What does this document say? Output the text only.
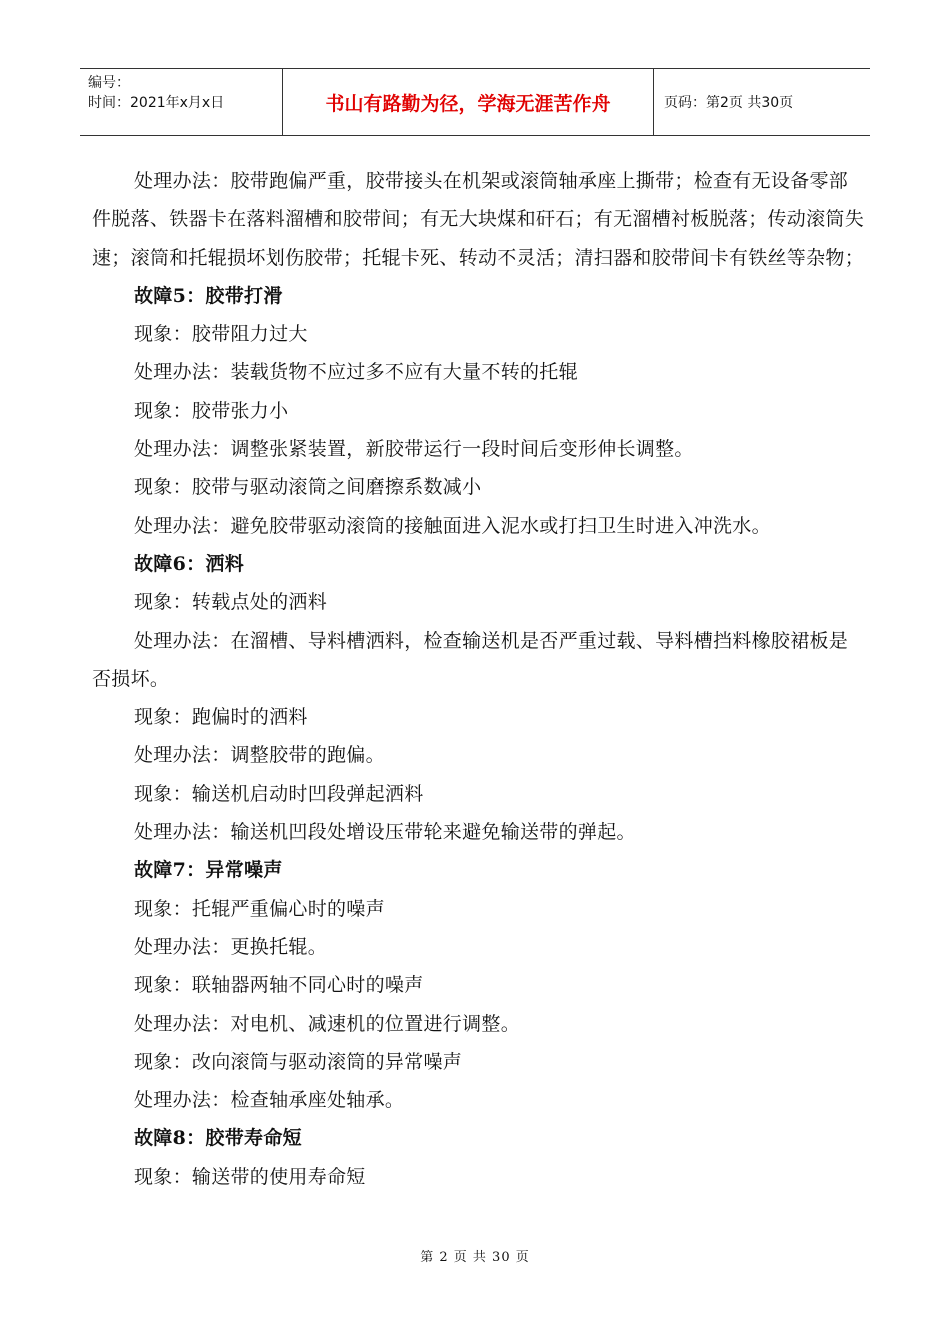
编号：
时间：2021年x月x日	书山有路勤为径，学海无涯苦作舟	页码：第2页 共30页

处理办法：胶带跑偏严重，胶带接头在机架或滚筒轴承座上撕带；检查有无设备零部件脱落、铁器卡在落料溜槽和胶带间；有无大块煤和矸石；有无溜槽衬板脱落；传动滚筒失速；滚筒和托辊损坏划伤胶带；托辊卡死、转动不灵活；清扫器和胶带间卡有铁丝等杂物；

故障5：胶带打滑

现象：胶带阻力过大

处理办法：装载货物不应过多不应有大量不转的托辊

现象：胶带张力小

处理办法：调整张紧装置，新胶带运行一段时间后变形伸长调整。

现象：胶带与驱动滚筒之间磨擦系数减小

处理办法：避免胶带驱动滚筒的接触面进入泥水或打扫卫生时进入冲洗水。

故障6：洒料

现象：转载点处的洒料

处理办法：在溜槽、导料槽洒料，检查输送机是否严重过载、导料槽挡料橡胶裙板是否损坏。

现象：跑偏时的洒料

处理办法：调整胶带的跑偏。

现象：输送机启动时凹段弹起洒料

处理办法：输送机凹段处增设压带轮来避免输送带的弹起。

故障7：异常噪声

现象：托辊严重偏心时的噪声

处理办法：更换托辊。

现象：联轴器两轴不同心时的噪声

处理办法：对电机、减速机的位置进行调整。

现象：改向滚筒与驱动滚筒的异常噪声

处理办法：检查轴承座处轴承。

故障8：胶带寿命短

现象：输送带的使用寿命短

第 2 页 共 30 页
